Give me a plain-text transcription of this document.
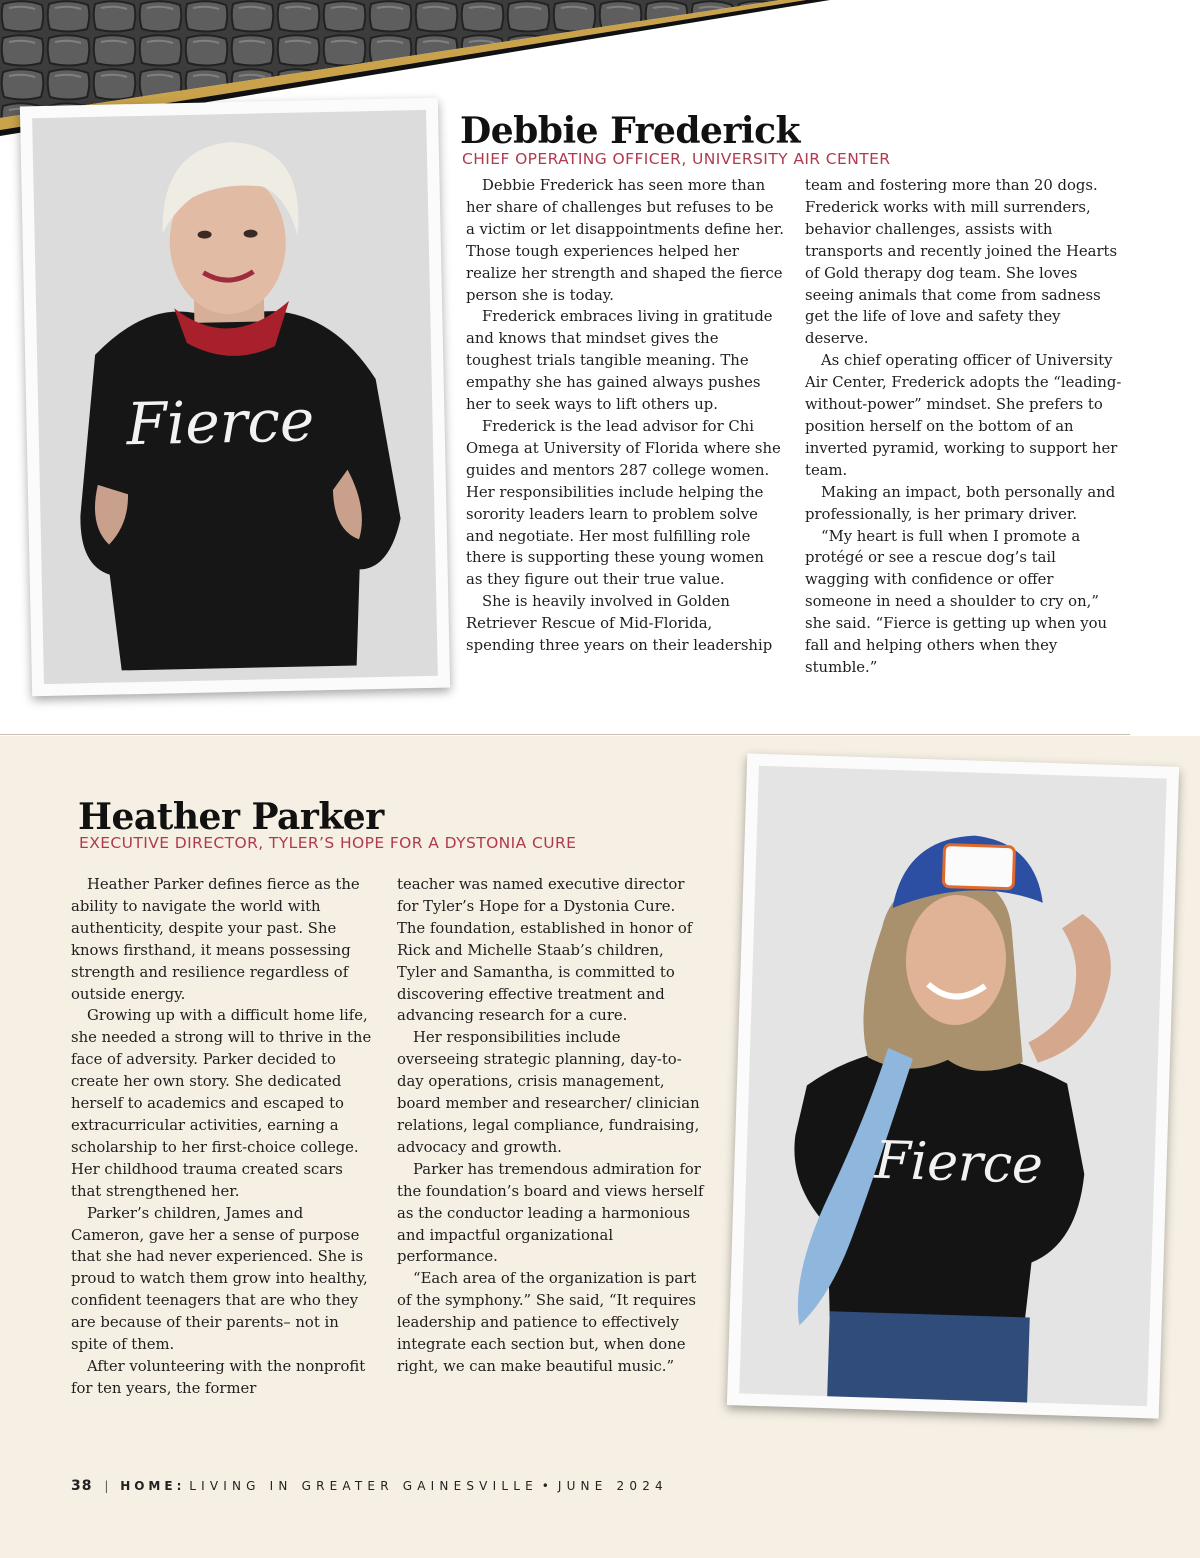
Fierce
Debbie Frederick
CHIEF OPERATING OFFICER, UNIVERSITY AIR CENTER

Debbie Frederick has seen more than her share of challenges but refuses to be a victim or let disappointments define her. Those tough experiences helped her realize her strength and shaped the fierce person she is today.

Frederick embraces living in gratitude and knows that mindset gives the toughest trials tangible meaning. The empathy she has gained always pushes her to seek ways to lift others up.

Frederick is the lead advisor for Chi Omega at University of Florida where she guides and mentors 287 college women. Her responsibilities include helping the sorority leaders learn to problem solve and negotiate. Her most fulfilling role there is supporting these young women as they figure out their true value.

She is heavily involved in Golden Retriever Rescue of Mid-Florida, spending three years on their leadership

team and fostering more than 20 dogs. Frederick works with mill surrenders, behavior challenges, assists with transports and recently joined the Hearts of Gold therapy dog team. She loves seeing animals that come from sadness get the life of love and safety they deserve.

As chief operating officer of University Air Center, Frederick adopts the “leading-without-power” mindset. She prefers to position herself on the bottom of an inverted pyramid, working to support her team.

Making an impact, both personally and professionally, is her primary driver.

“My heart is full when I promote a protégé or see a rescue dog’s tail wagging with confidence or offer someone in need a shoulder to cry on,” she said. “Fierce is getting up when you fall and helping others when they stumble.”

Heather Parker
EXECUTIVE DIRECTOR, TYLER’S HOPE FOR A DYSTONIA CURE

Heather Parker defines fierce as the ability to navigate the world with authenticity, despite your past. She knows firsthand, it means possessing strength and resilience regardless of outside energy.

Growing up with a difficult home life, she needed a strong will to thrive in the face of adversity. Parker decided to create her own story. She dedicated herself to academics and escaped to extracurricular activities, earning a scholarship to her first-choice college. Her childhood trauma created scars that strengthened her.

Parker’s children, James and Cameron, gave her a sense of purpose that she had never experienced. She is proud to watch them grow into healthy, confident teenagers that are who they are because of their parents– not in spite of them.

After volunteering with the nonprofit for ten years, the former

teacher was named executive director for Tyler’s Hope for a Dystonia Cure. The foundation, established in honor of Rick and Michelle Staab’s children, Tyler and Samantha, is committed to discovering effective treatment and advancing research for a cure.

Her responsibilities include overseeing strategic planning, day-to-day operations, crisis management, board member and researcher/ clinician relations, legal compliance, fundraising, advocacy and growth.

Parker has tremendous admiration for the foundation’s board and views herself as the conductor leading a harmonious and impactful organizational performance.

“Each area of the organization is part of the symphony.” She said, “It requires leadership and patience to effectively integrate each section but, when done right, we can make beautiful music.”

Fierce
38 | HOME: LIVING IN GREATER GAINESVILLE • JUNE 2024
